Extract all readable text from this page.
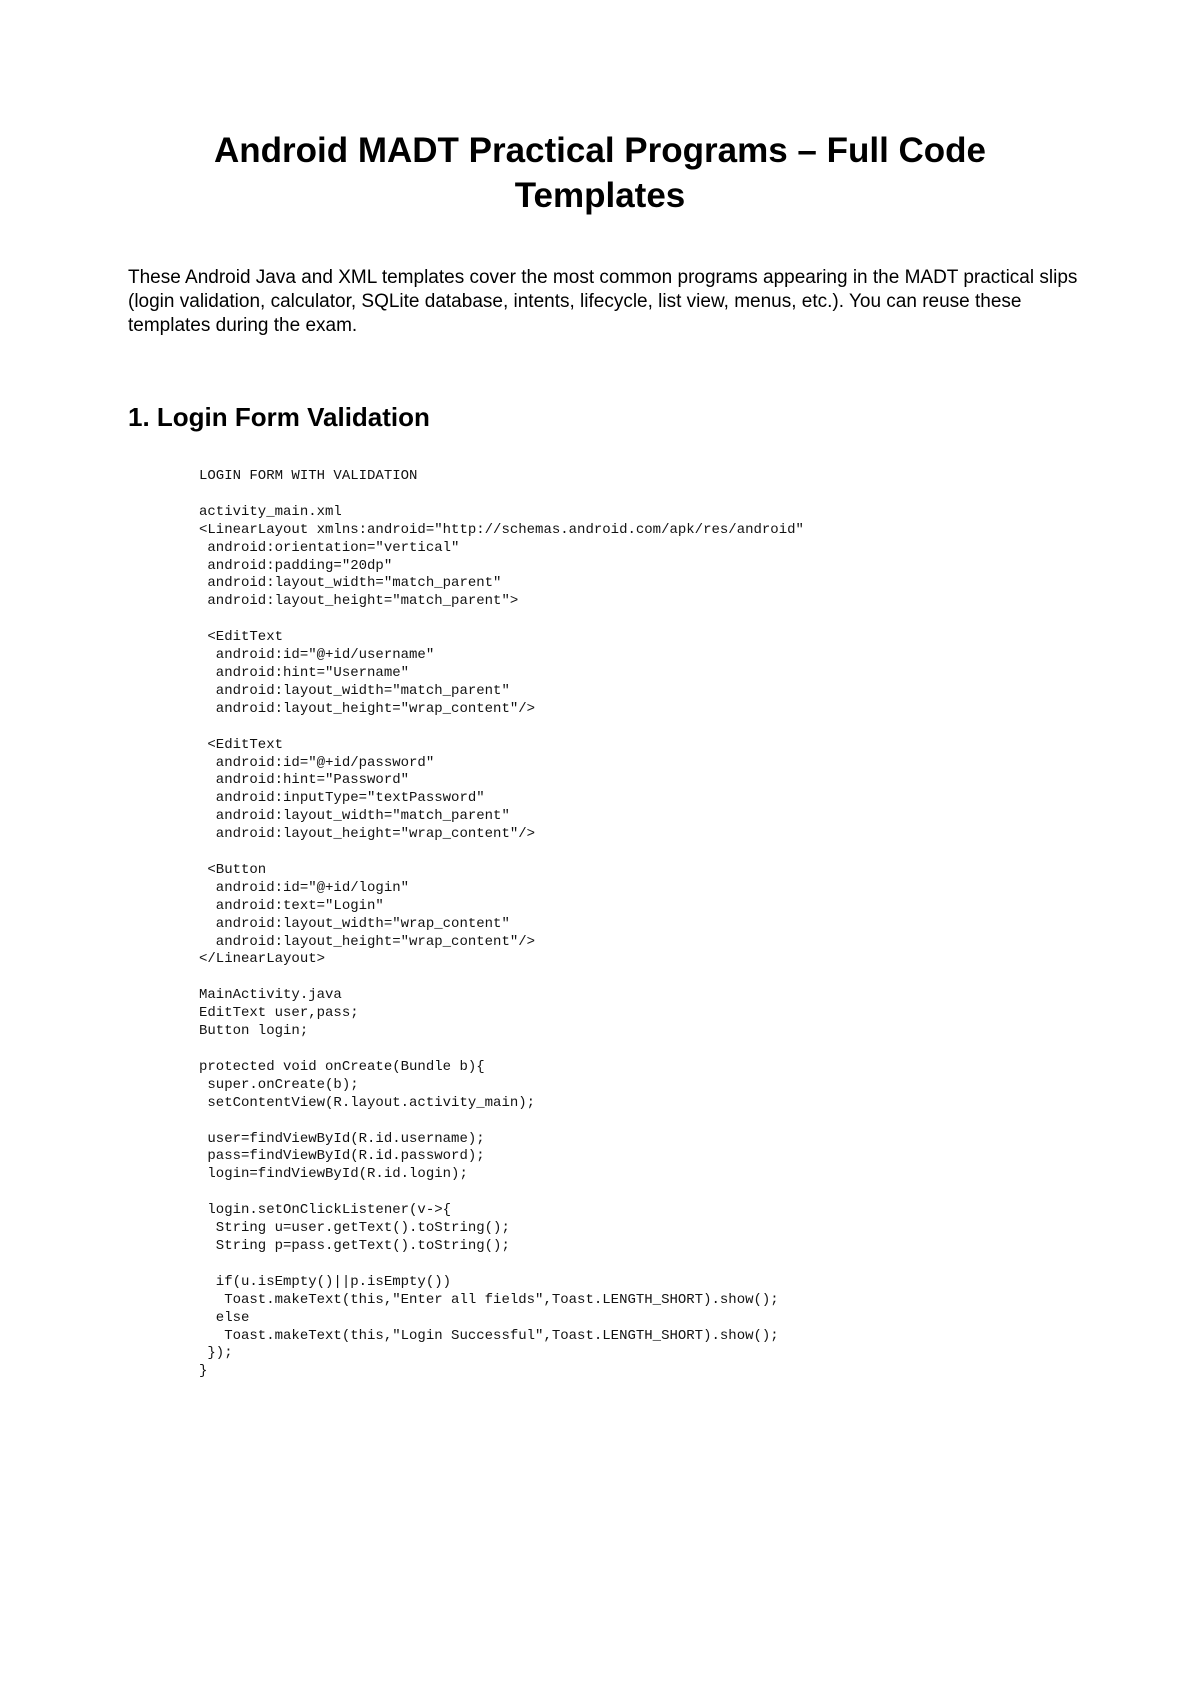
Android MADT Practical Programs – Full Code
Templates

These Android Java and XML templates cover the most common programs appearing in the MADT practical slips (login validation, calculator, SQLite database, intents, lifecycle, list view, menus, etc.). You can reuse these templates during the exam.

1. Login Form Validation
LOGIN FORM WITH VALIDATION

activity_main.xml
<LinearLayout xmlns:android="http://schemas.android.com/apk/res/android"
android:orientation="vertical"
android:padding="20dp"
android:layout_width="match_parent"
android:layout_height="match_parent">

<EditText
android:id="@+id/username"
android:hint="Username"
android:layout_width="match_parent"
android:layout_height="wrap_content"/>

<EditText
android:id="@+id/password"
android:hint="Password"
android:inputType="textPassword"
android:layout_width="match_parent"
android:layout_height="wrap_content"/>

<Button
android:id="@+id/login"
android:text="Login"
android:layout_width="wrap_content"
android:layout_height="wrap_content"/>
</LinearLayout>

MainActivity.java
EditText user,pass;
Button login;

protected void onCreate(Bundle b){
super.onCreate(b);
setContentView(R.layout.activity_main);

user=findViewById(R.id.username);
pass=findViewById(R.id.password);
login=findViewById(R.id.login);

login.setOnClickListener(v->{
String u=user.getText().toString();
String p=pass.getText().toString();

if(u.isEmpty()||p.isEmpty())
Toast.makeText(this,"Enter all fields",Toast.LENGTH_SHORT).show();
else
Toast.makeText(this,"Login Successful",Toast.LENGTH_SHORT).show();
});
}
